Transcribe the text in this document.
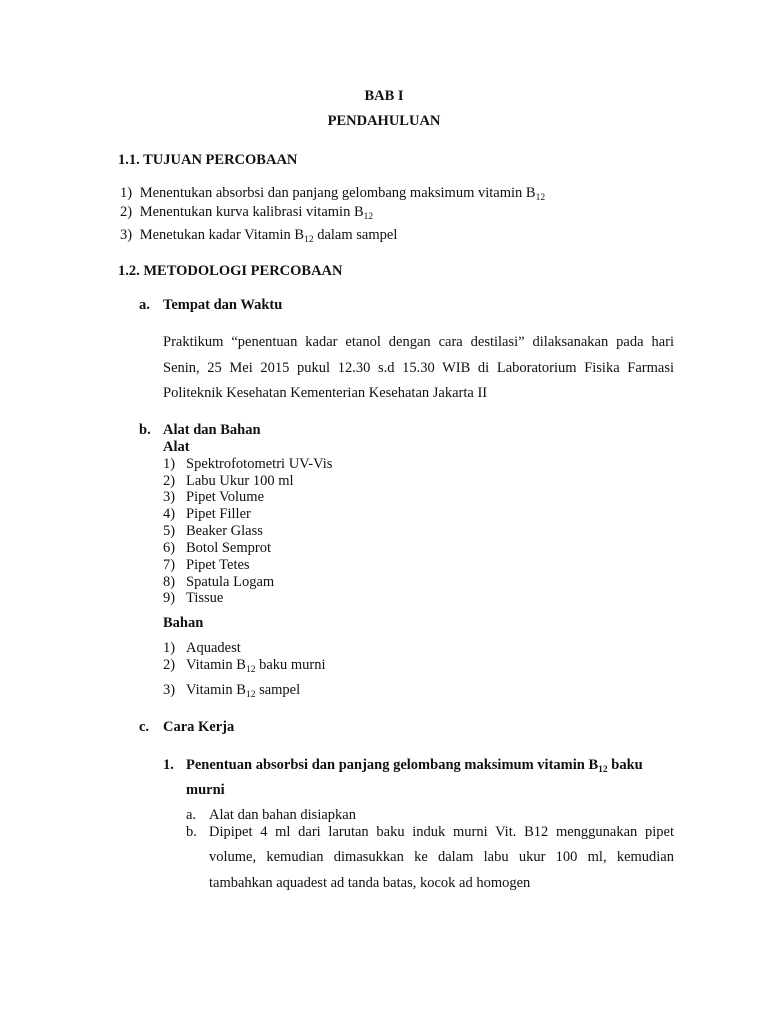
BAB I
PENDAHULUAN
1.1. TUJUAN PERCOBAAN
1) Menentukan absorbsi dan panjang gelombang maksimum vitamin $B_{12}$
2) Menentukan kurva kalibrasi vitamin $B_{12}$
3) Menetukan kadar Vitamin $B_{12}$ dalam sampel
1.2. METODOLOGI PERCOBAAN
a. Tempat dan Waktu
Praktikum “penentuan kadar etanol dengan cara destilasi” dilaksanakan pada hari
Senin, 25 Mei 2015 pukul 12.30 s.d 15.30 WIB di Laboratorium Fisika Farmasi
Politeknik Kesehatan Kementerian Kesehatan Jakarta II
b. Alat dan Bahan
Alat
1) Spektrofotometri UV-Vis
2) Labu Ukur 100 ml
3) Pipet Volume
4) Pipet Filler
5) Beaker Glass
6) Botol Semprot
7) Pipet Tetes
8) Spatula Logam
9) Tissue
Bahan
1) Aquadest
2) Vitamin $B_{12}$ baku murni
3) Vitamin $B_{12}$ sampel
c. Cara Kerja
1. Penentuan absorbsi dan panjang gelombang maksimum vitamin $B_{12}$ baku
murni
a. Alat dan bahan disiapkan
b. Dipipet 4 ml dari larutan baku induk murni Vit. B12 menggunakan pipet
volume, kemudian dimasukkan ke dalam labu ukur 100 ml, kemudian
tambahkan aquadest ad tanda batas, kocok ad homogen
